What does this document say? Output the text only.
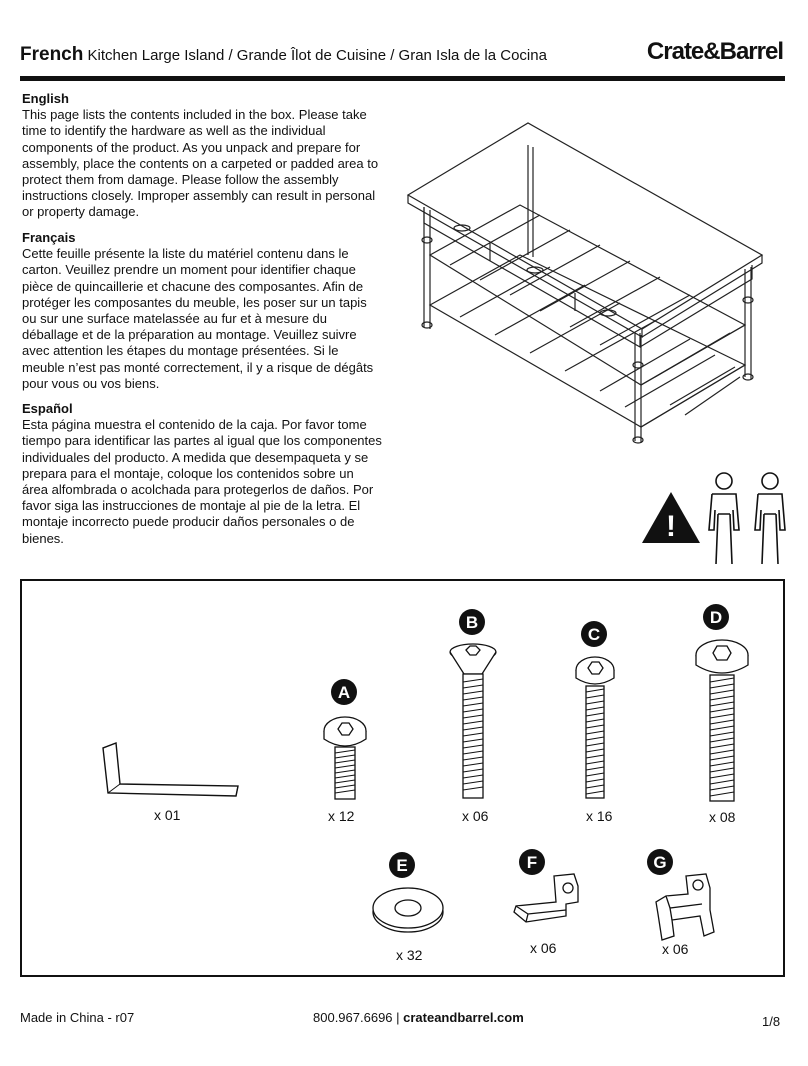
French Kitchen Large Island / Grande Îlot de Cuisine / Gran Isla de la Cocina	Crate&Barrel
English

This page lists the contents included in the box. Please take time to identify the hardware as well as the individual components of the product. As you unpack and prepare for assembly, place the contents on a carpeted or padded area to protect them from damage. Please follow the assembly instructions closely. Improper assembly can result in personal or property damage.

Français

Cette feuille présente la liste du matériel contenu dans le carton. Veuillez prendre un moment pour identifier chaque pièce de quincaillerie et chacune des composantes. Afin de protéger les composantes du meuble, les poser sur un tapis ou sur une surface matelassée au fur et à mesure du déballage et de la préparation au montage. Veuillez suivre avec attention les étapes du montage présentées. Si le meuble n’est pas monté correctement, il y a risque de dégâts pour vous ou vos biens.

Español

Esta página muestra el contenido de la caja. Por favor tome tiempo para identificar las partes al igual que los componentes individuales del producto. A medida que desempaqueta y se prepara para el montaje, coloque los contenidos sobre un área alfombrada o acolchada para protegerlos de daños. Por favor siga las instrucciones de montaje al pie de la letra. El montaje incorrecto puede producir daños personales o de bienes.	!
x 01
A
x 12
B
x 06
C
x 16
D
x 08
E
x 32
F
x 06
G
x 06
Made in China - r07	800.967.6696 | crateandbarrel.com	1/8
